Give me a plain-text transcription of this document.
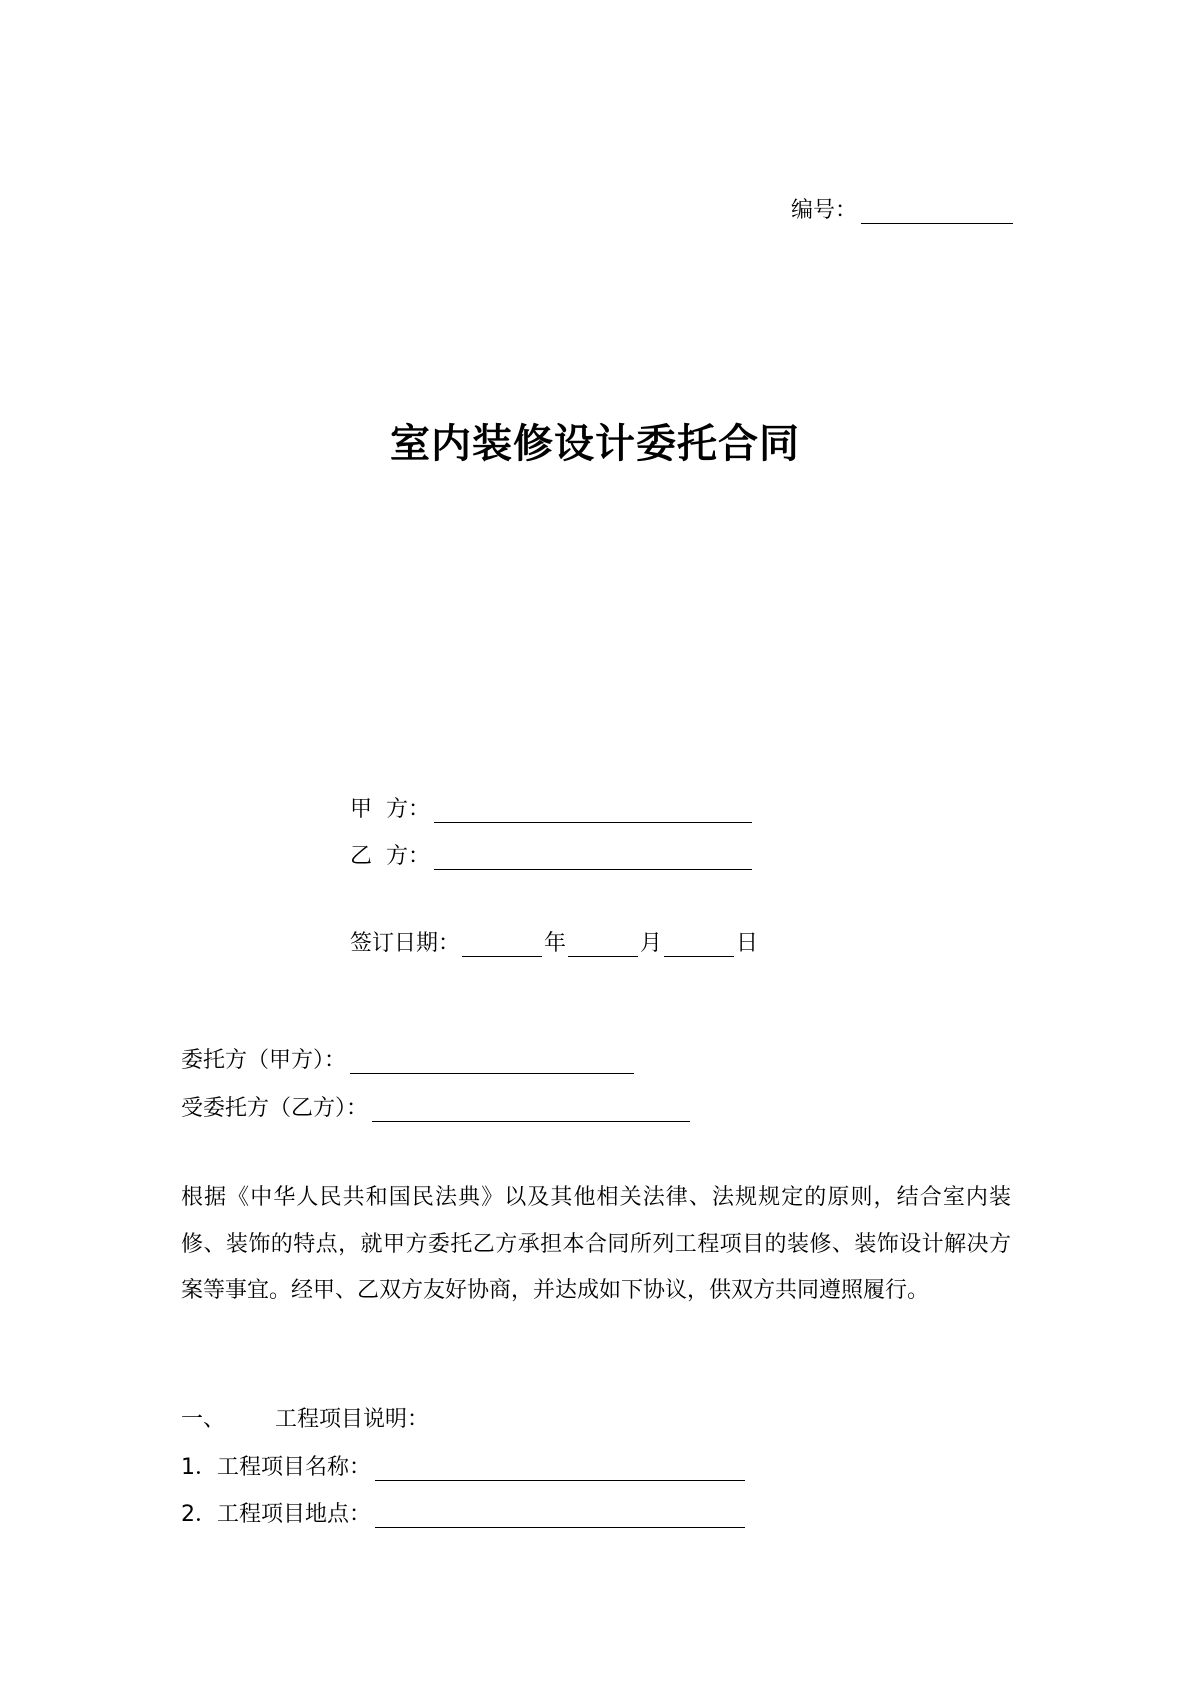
编号：
室内装修设计委托合同
甲  方：
乙  方：
签订日期：	年	月	日
委托方（甲方）：
受委托方（乙方）：
根据《中华人民共和国民法典》以及其他相关法律、法规规定的原则，结合室内装修、装饰的特点，就甲方委托乙方承担本合同所列工程项目的装修、装饰设计解决方案等事宜。经甲、乙双方友好协商，并达成如下协议，供双方共同遵照履行。
一、 工程项目说明：
1． 工程项目名称：
2． 工程项目地点：
